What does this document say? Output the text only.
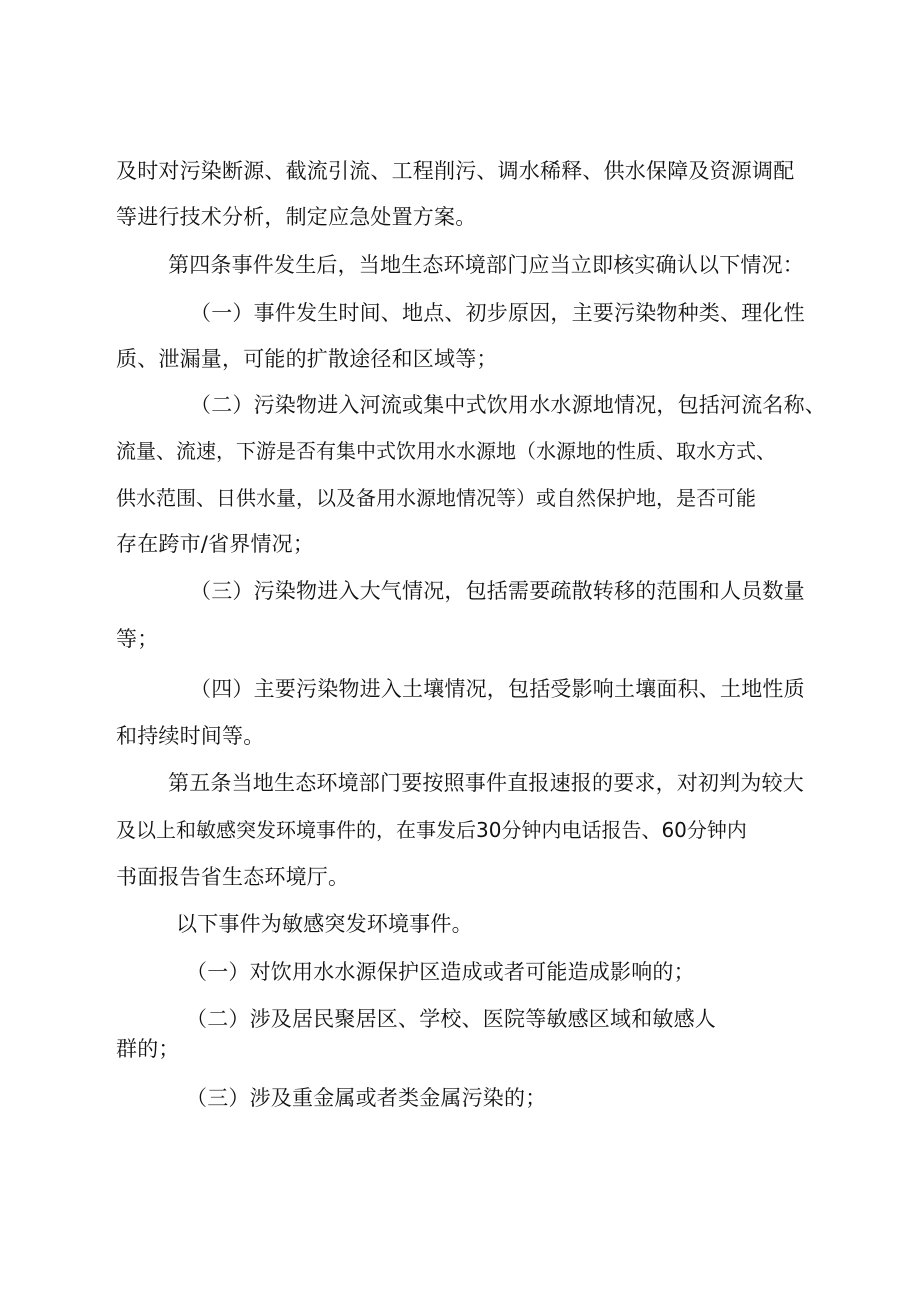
及时对污染断源、截流引流、工程削污、调水稀释、供水保障及资源调配

等进行技术分析，制定应急处置方案。

第四条事件发生后，当地生态环境部门应当立即核实确认以下情况：

（一）事件发生时间、地点、初步原因，主要污染物种类、理化性

质、泄漏量，可能的扩散途径和区域等；

（二）污染物进入河流或集中式饮用水水源地情况，包括河流名称、

流量、流速，下游是否有集中式饮用水水源地（水源地的性质、取水方式、

供水范围、日供水量，以及备用水源地情况等）或自然保护地，是否可能

存在跨市/省界情况；

（三）污染物进入大气情况，包括需要疏散转移的范围和人员数量

等；

（四）主要污染物进入土壤情况，包括受影响土壤面积、土地性质

和持续时间等。

第五条当地生态环境部门要按照事件直报速报的要求，对初判为较大

及以上和敏感突发环境事件的，在事发后30分钟内电话报告、60分钟内

书面报告省生态环境厅。

以下事件为敏感突发环境事件。

（一）对饮用水水源保护区造成或者可能造成影响的；

（二）涉及居民聚居区、学校、医院等敏感区域和敏感人

群的；

（三）涉及重金属或者类金属污染的；
